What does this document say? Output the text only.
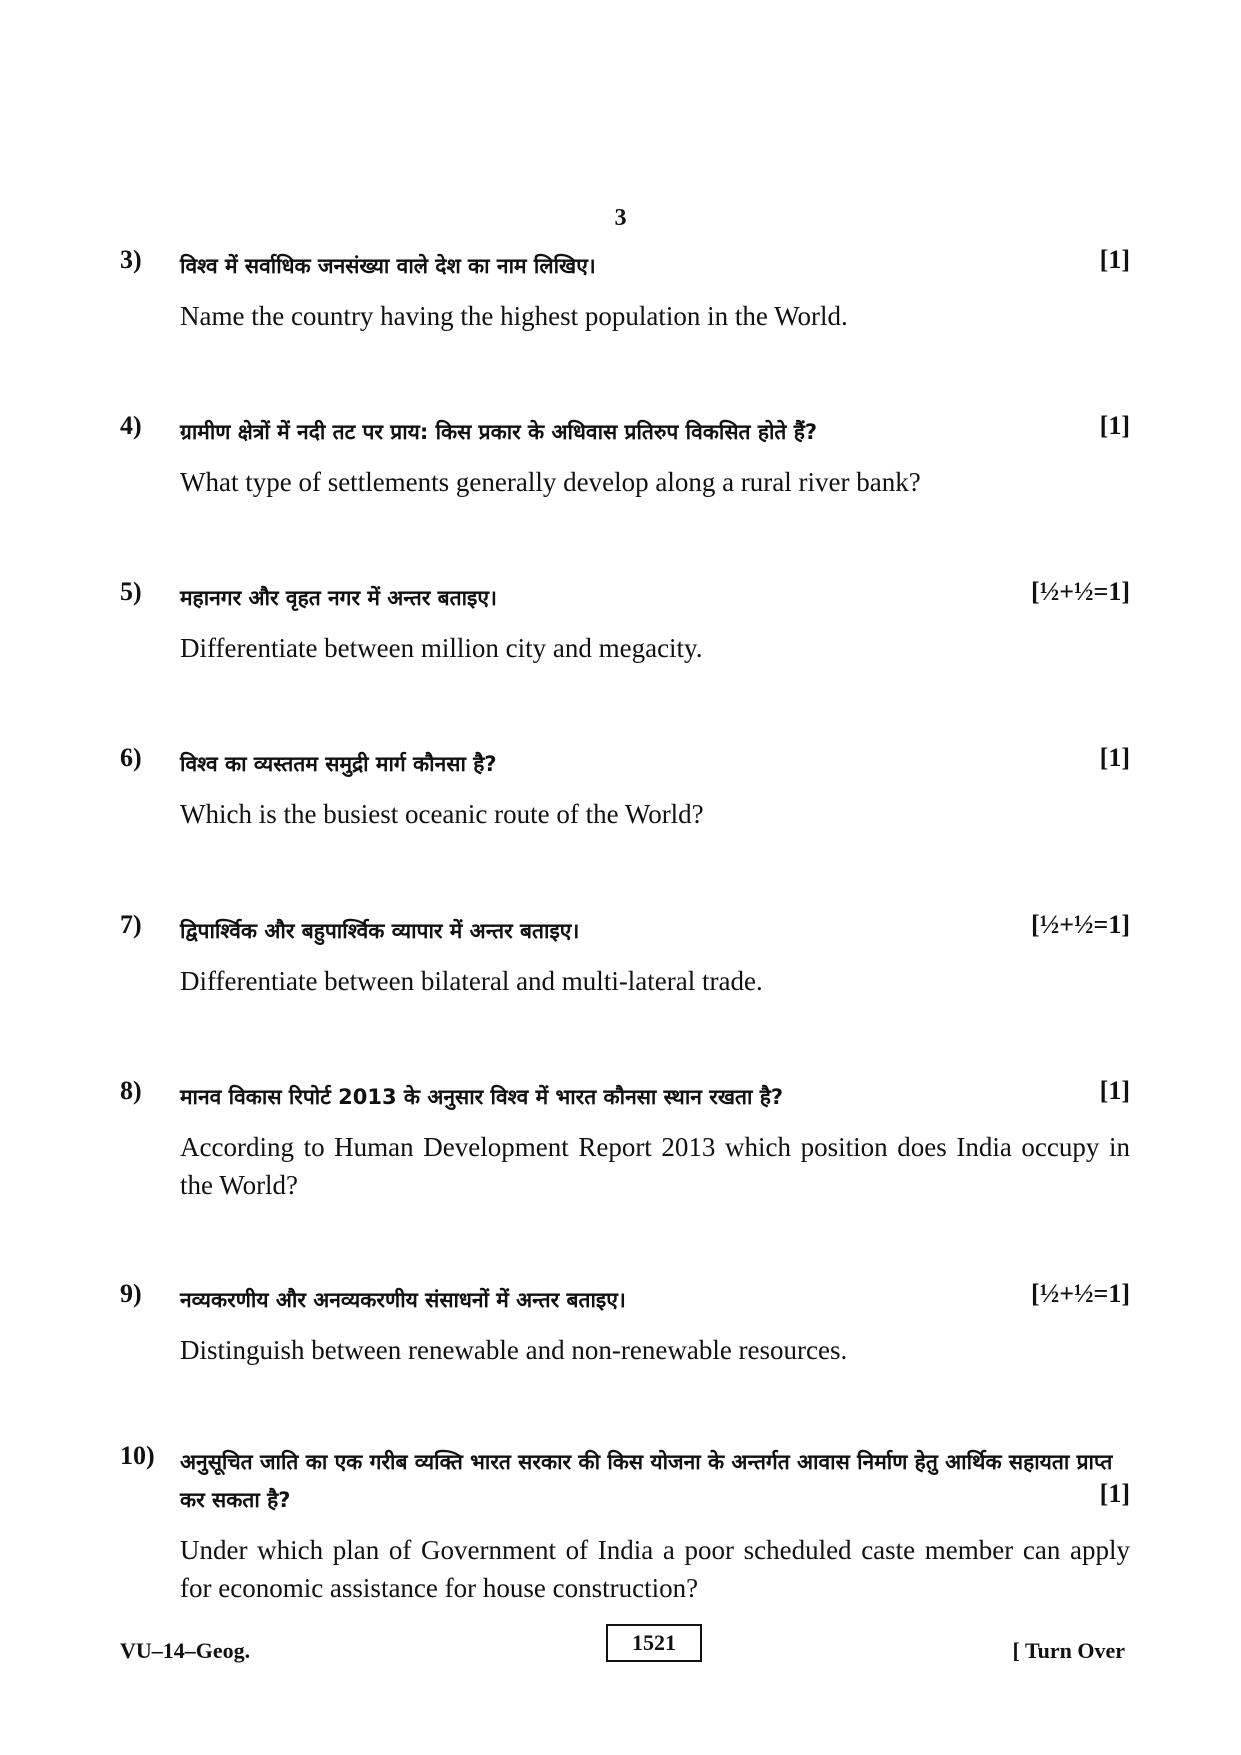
3
3) विश्व में सर्वाधिक जनसंख्या वाले देश का नाम लिखिए।	[1]
Name the country having the highest population in the World.
4) ग्रामीण क्षेत्रों में नदी तट पर प्राय: किस प्रकार के अधिवास प्रतिरुप विकसित होते हैं?	[1]
What type of settlements generally develop along a rural river bank?
5) महानगर और वृहत नगर में अन्तर बताइए।	[½+½=1]
Differentiate between million city and megacity.
6) विश्व का व्यस्ततम समुद्री मार्ग कौनसा है?	[1]
Which is the busiest oceanic route of the World?
7) द्विपार्श्विक और बहुपार्श्विक व्यापार में अन्तर बताइए।	[½+½=1]
Differentiate between bilateral and multi-lateral trade.
8) मानव विकास रिपोर्ट 2013 के अनुसार विश्व में भारत कौनसा स्थान रखता है?	[1]
According to Human Development Report 2013 which position does India occupy in the World?
9) नव्यकरणीय और अनव्यकरणीय संसाधनों में अन्तर बताइए।	[½+½=1]
Distinguish between renewable and non-renewable resources.
10) अनुसूचित जाति का एक गरीब व्यक्ति भारत सरकार की किस योजना के अन्तर्गत आवास निर्माण हेतु आर्थिक सहायता प्राप्त कर सकता है?	[1]
Under which plan of Government of India a poor scheduled caste member can apply for economic assistance for house construction?
VU–14–Geog.	1521	[ Turn Over
